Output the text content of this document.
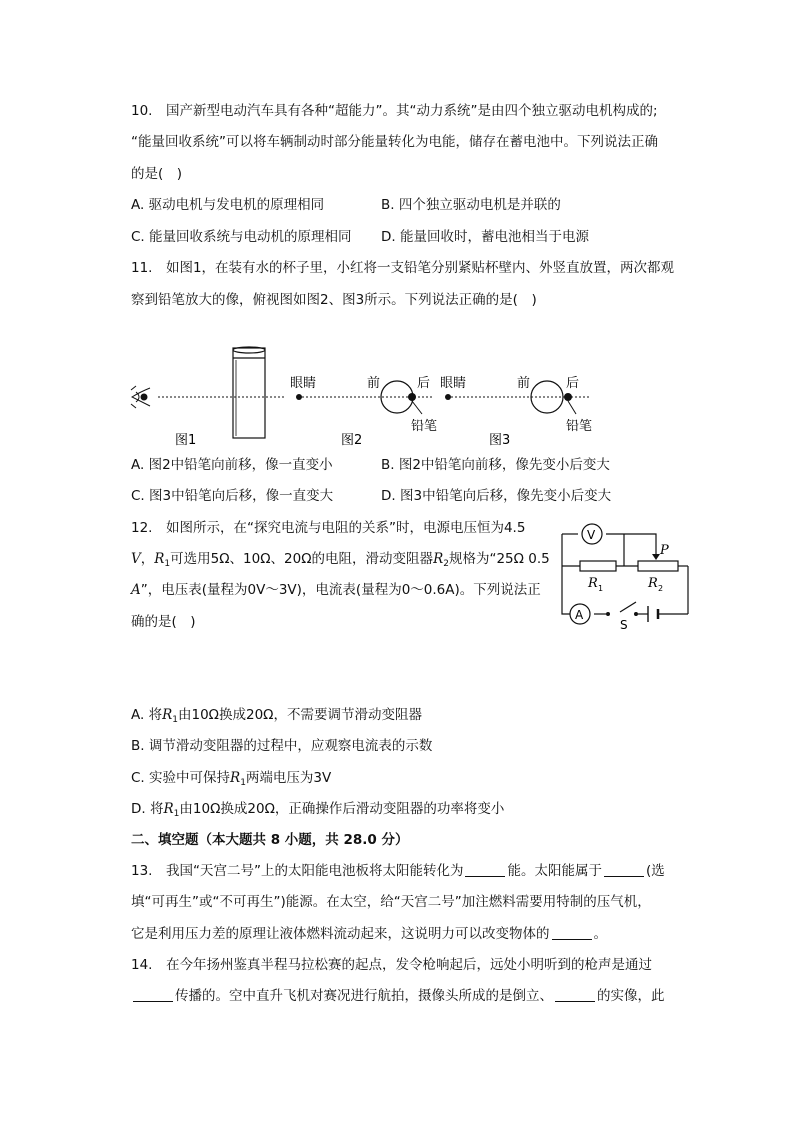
10.　国产新型电动汽车具有各种“超能力”。其“动力系统”是由四个独立驱动电机构成的;
“能量回收系统”可以将车辆制动时部分能量转化为电能，储存在蓄电池中。下列说法正确
的是(　)
A. 驱动电机与发电机的原理相同	B. 四个独立驱动电机是并联的
C. 能量回收系统与电动机的原理相同 D. 能量回收时，蓄电池相当于电源
11.　如图1，在装有水的杯子里，小红将一支铅笔分别紧贴杯壁内、外竖直放置，两次都观
察到铅笔放大的像，俯视图如图2、图3所示。下列说法正确的是(　)
图1
眼睛	前	后
铅笔
图2
眼睛	前	后
铅笔
图3
A. 图2中铅笔向前移，像一直变小	B. 图2中铅笔向前移，像先变小后变大
C. 图3中铅笔向后移，像一直变大	D. 图3中铅笔向后移，像先变小后变大
12.　如图所示，在“探究电流与电阻的关系”时，电源电压恒为4.5
V，$R_1$可选用5Ω、10Ω、20Ω的电阻，滑动变阻器$R_2$规格为“25Ω 0.5
A”，电压表(量程为0V～3V)，电流表(量程为0～0.6A)。下列说法正
确的是(　)
V
A
P
R 1	R 2
S
A. 将$R_1$由10Ω换成20Ω，不需要调节滑动变阻器
B. 调节滑动变阻器的过程中，应观察电流表的示数
C. 实验中可保持$R_1$两端电压为3V
D. 将$R_1$由10Ω换成20Ω，正确操作后滑动变阻器的功率将变小
二、填空题（本大题共 8 小题，共 28.0 分）
13.　我国“天宫二号”上的太阳能电池板将太阳能转化为	能。太阳能属于	(选
填“可再生”或“不可再生”)能源。在太空，给“天宫二号”加注燃料需要用特制的压气机，
它是利用压力差的原理让液体燃料流动起来，这说明力可以改变物体的	。
14.　在今年扬州鉴真半程马拉松赛的起点，发令枪响起后，远处小明听到的枪声是通过
传播的。空中直升飞机对赛况进行航拍，摄像头所成的是倒立、	的实像，此
